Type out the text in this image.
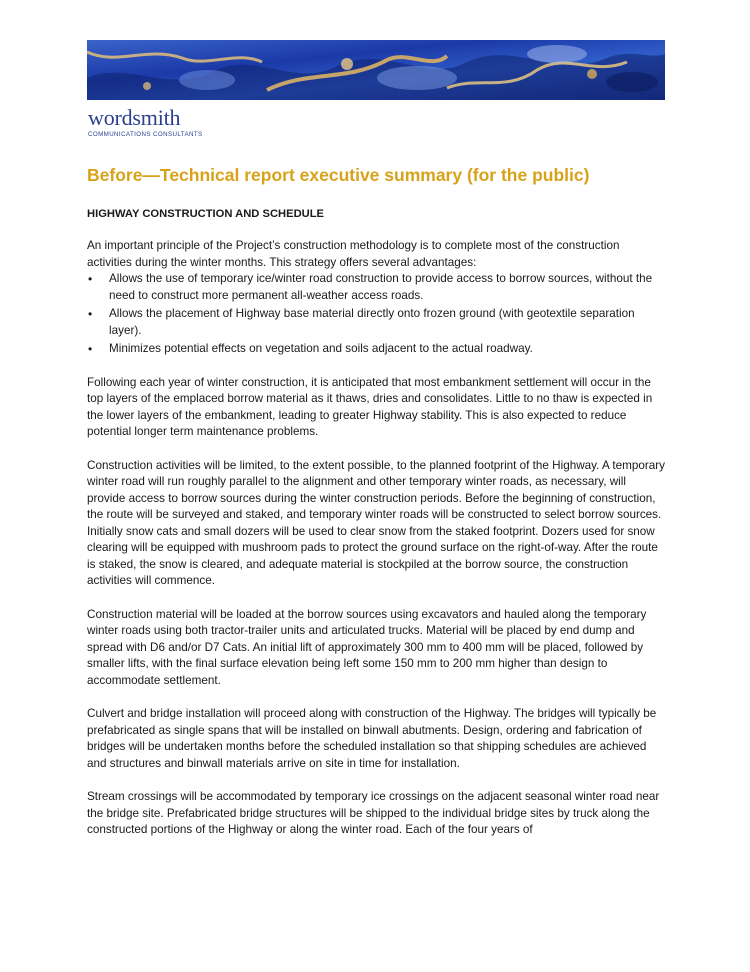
wordsmith
COMMUNICATIONS CONSULTANTS
Before—Technical report executive summary (for the public)
HIGHWAY CONSTRUCTION AND SCHEDULE

An important principle of the Project’s construction methodology is to complete most of the construction activities during the winter months. This strategy offers several advantages:

• Allows the use of temporary ice/winter road construction to provide access to borrow sources, without the need to construct more permanent all-weather access roads.
• Allows the placement of Highway base material directly onto frozen ground (with geotextile separation layer).
• Minimizes potential effects on vegetation and soils adjacent to the actual roadway.

Following each year of winter construction, it is anticipated that most embankment settlement will occur in the top layers of the emplaced borrow material as it thaws, dries and consolidates. Little to no thaw is expected in the lower layers of the embankment, leading to greater Highway stability. This is also expected to reduce potential longer term maintenance problems.

Construction activities will be limited, to the extent possible, to the planned footprint of the Highway. A temporary winter road will run roughly parallel to the alignment and other temporary winter roads, as necessary, will provide access to borrow sources during the winter construction periods. Before the beginning of construction, the route will be surveyed and staked, and temporary winter roads will be constructed to select borrow sources. Initially snow cats and small dozers will be used to clear snow from the staked footprint. Dozers used for snow clearing will be equipped with mushroom pads to protect the ground surface on the right-of-way. After the route is staked, the snow is cleared, and adequate material is stockpiled at the borrow source, the construction activities will commence.

Construction material will be loaded at the borrow sources using excavators and hauled along the temporary winter roads using both tractor-trailer units and articulated trucks. Material will be placed by end dump and spread with D6 and/or D7 Cats. An initial lift of approximately 300 mm to 400 mm will be placed, followed by smaller lifts, with the final surface elevation being left some 150 mm to 200 mm higher than design to accommodate settlement.

Culvert and bridge installation will proceed along with construction of the Highway. The bridges will typically be prefabricated as single spans that will be installed on binwall abutments. Design, ordering and fabrication of bridges will be undertaken months before the scheduled installation so that shipping schedules are achieved and structures and binwall materials arrive on site in time for installation.

Stream crossings will be accommodated by temporary ice crossings on the adjacent seasonal winter road near the bridge site. Prefabricated bridge structures will be shipped to the individual bridge sites by truck along the constructed portions of the Highway or along the winter road. Each of the four years of
